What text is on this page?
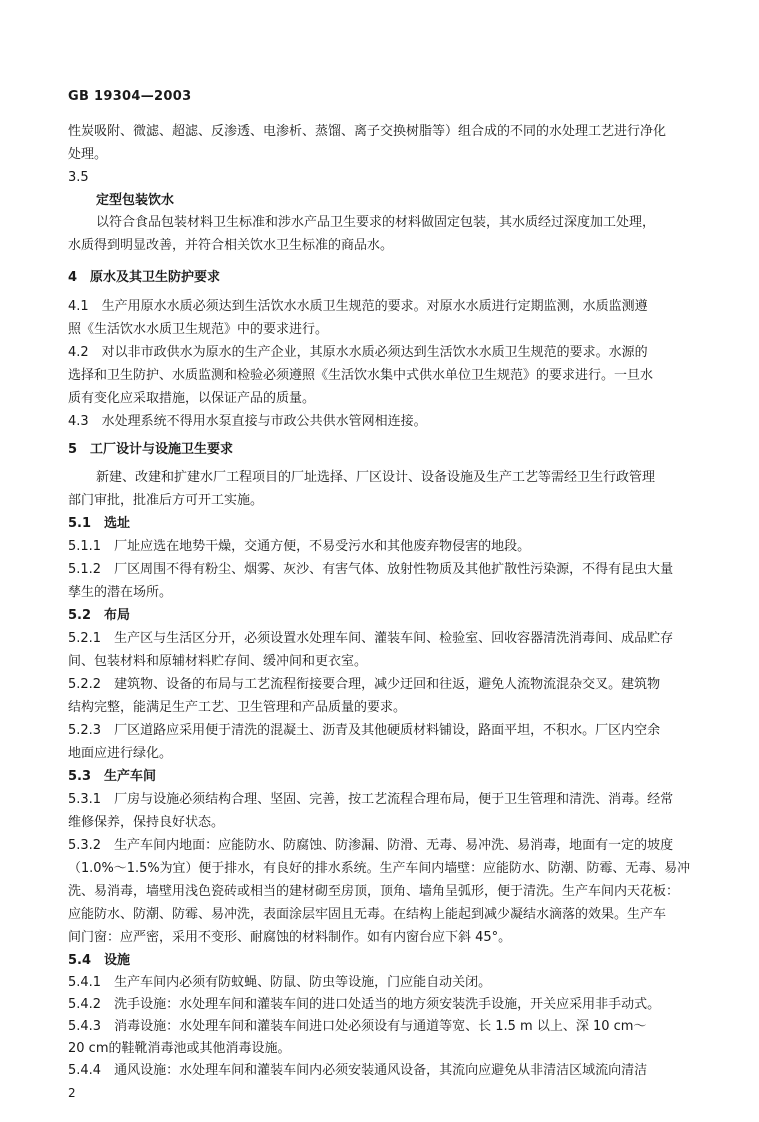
GB 19304—2003
性炭吸附、微滤、超滤、反渗透、电渗析、蒸馏、离子交换树脂等）组合成的不同的水处理工艺进行净化
处理。
3.5
定型包装饮水
以符合食品包装材料卫生标准和涉水产品卫生要求的材料做固定包装，其水质经过深度加工处理，
水质得到明显改善，并符合相关饮水卫生标准的商品水。
4　原水及其卫生防护要求
4.1　生产用原水水质必须达到生活饮水水质卫生规范的要求。对原水水质进行定期监测，水质监测遵
照《生活饮水水质卫生规范》中的要求进行。
4.2　对以非市政供水为原水的生产企业，其原水水质必须达到生活饮水水质卫生规范的要求。水源的
选择和卫生防护、水质监测和检验必须遵照《生活饮水集中式供水单位卫生规范》的要求进行。一旦水
质有变化应采取措施，以保证产品的质量。
4.3　水处理系统不得用水泵直接与市政公共供水管网相连接。
5　工厂设计与设施卫生要求
新建、改建和扩建水厂工程项目的厂址选择、厂区设计、设备设施及生产工艺等需经卫生行政管理
部门审批，批准后方可开工实施。
5.1　选址
5.1.1　厂址应选在地势干燥，交通方便，不易受污水和其他废弃物侵害的地段。
5.1.2　厂区周围不得有粉尘、烟雾、灰沙、有害气体、放射性物质及其他扩散性污染源，不得有昆虫大量
孳生的潜在场所。
5.2　布局
5.2.1　生产区与生活区分开，必须设置水处理车间、灌装车间、检验室、回收容器清洗消毒间、成品贮存
间、包装材料和原辅材料贮存间、缓冲间和更衣室。
5.2.2　建筑物、设备的布局与工艺流程衔接要合理，减少迂回和往返，避免人流物流混杂交叉。建筑物
结构完整，能满足生产工艺、卫生管理和产品质量的要求。
5.2.3　厂区道路应采用便于清洗的混凝土、沥青及其他硬质材料铺设，路面平坦，不积水。厂区内空余
地面应进行绿化。
5.3　生产车间
5.3.1　厂房与设施必须结构合理、坚固、完善，按工艺流程合理布局，便于卫生管理和清洗、消毒。经常
维修保养，保持良好状态。
5.3.2　生产车间内地面：应能防水、防腐蚀、防渗漏、防滑、无毒、易冲洗、易消毒，地面有一定的坡度
（1.0%～1.5%为宜）便于排水，有良好的排水系统。生产车间内墙壁：应能防水、防潮、防霉、无毒、易冲
洗、易消毒，墙壁用浅色瓷砖或相当的建材砌至房顶，顶角、墙角呈弧形，便于清洗。生产车间内天花板：
应能防水、防潮、防霉、易冲洗，表面涂层牢固且无毒。在结构上能起到减少凝结水滴落的效果。生产车
间门窗：应严密，采用不变形、耐腐蚀的材料制作。如有内窗台应下斜 45°。
5.4　设施
5.4.1　生产车间内必须有防蚊蝇、防鼠、防虫等设施，门应能自动关闭。
5.4.2　洗手设施：水处理车间和灌装车间的进口处适当的地方须安装洗手设施，开关应采用非手动式。
5.4.3　消毒设施：水处理车间和灌装车间进口处必须设有与通道等宽、长 1.5 m 以上、深 10 cm～
20 cm的鞋靴消毒池或其他消毒设施。
5.4.4　通风设施：水处理车间和灌装车间内必须安装通风设备，其流向应避免从非清洁区域流向清洁
2
